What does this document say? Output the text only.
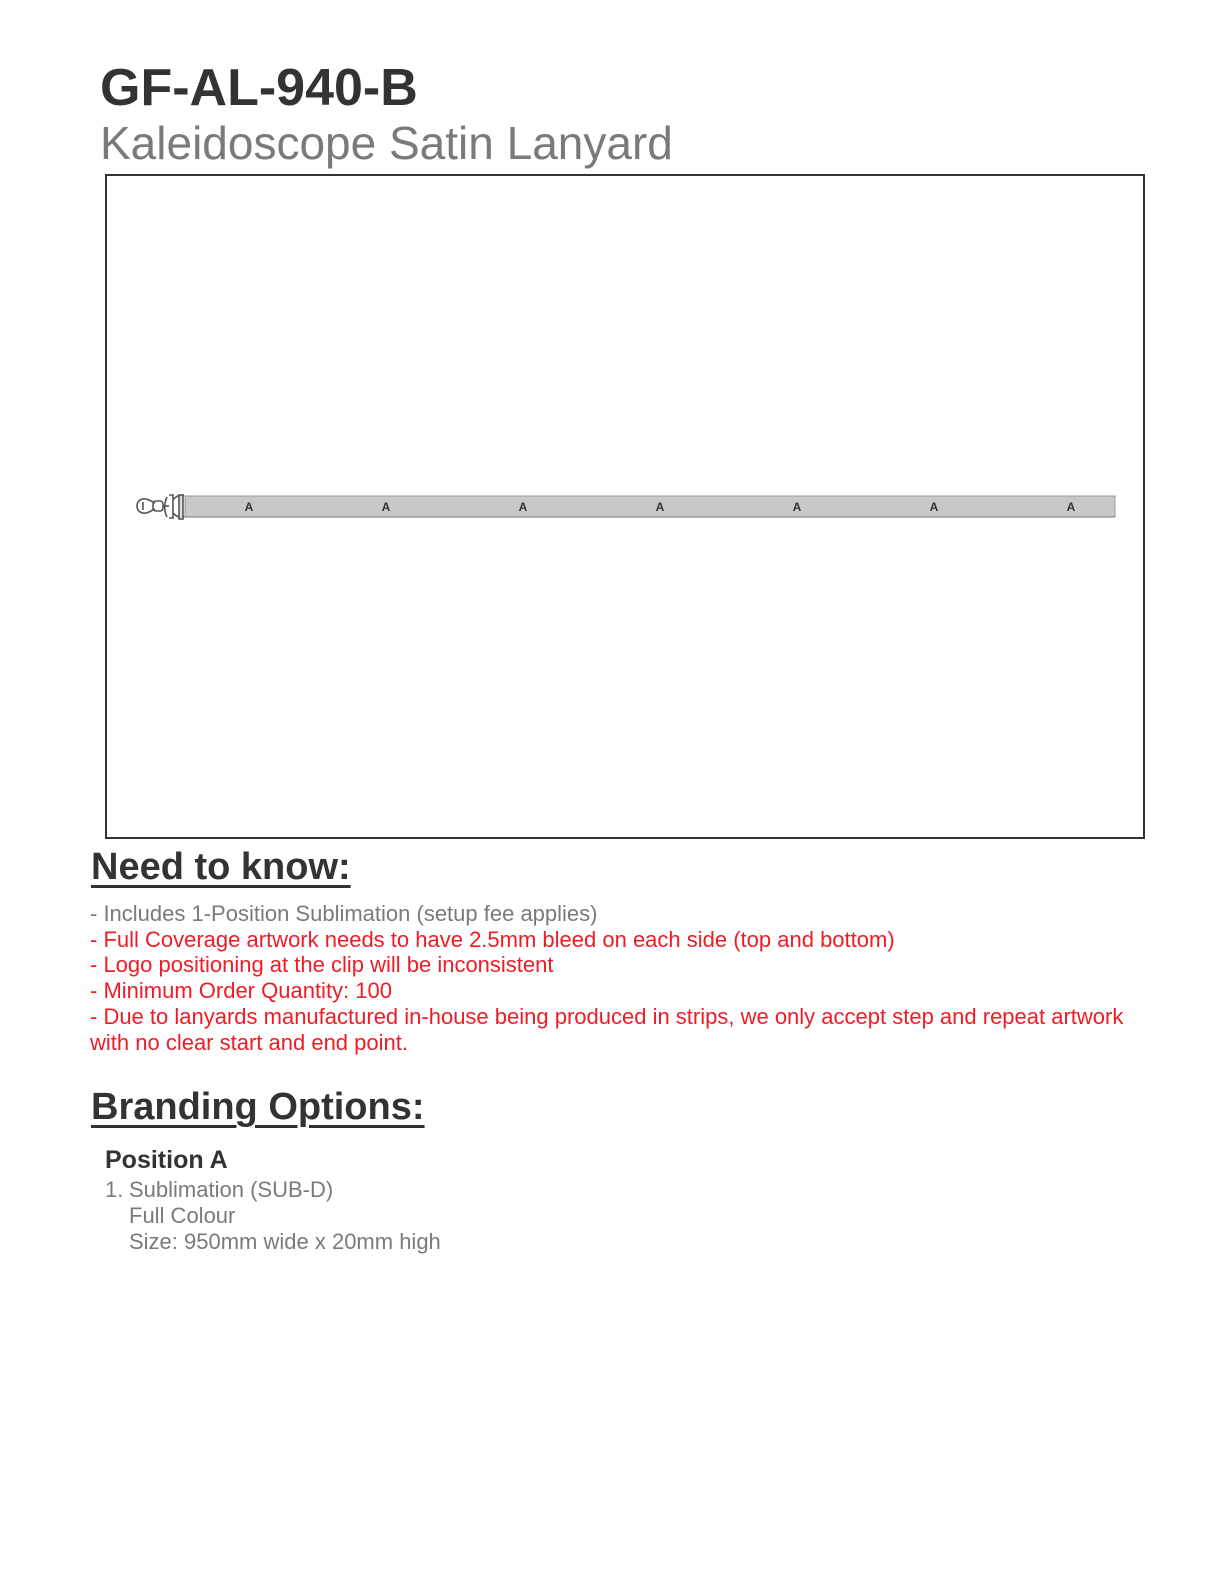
GF-AL-940-B
Kaleidoscope Satin Lanyard
A	A	A	A	A	A	A
Need to know:
- Includes 1-Position Sublimation (setup fee applies)
- Full Coverage artwork needs to have 2.5mm bleed on each side (top and bottom)
- Logo positioning at the clip will be inconsistent
- Minimum Order Quantity: 100
- Due to lanyards manufactured in-house being produced in strips, we only accept step and repeat artwork with no clear start and end point.
Branding Options:
Position A
1. Sublimation (SUB-D)
Full Colour
Size: 950mm wide x 20mm high
